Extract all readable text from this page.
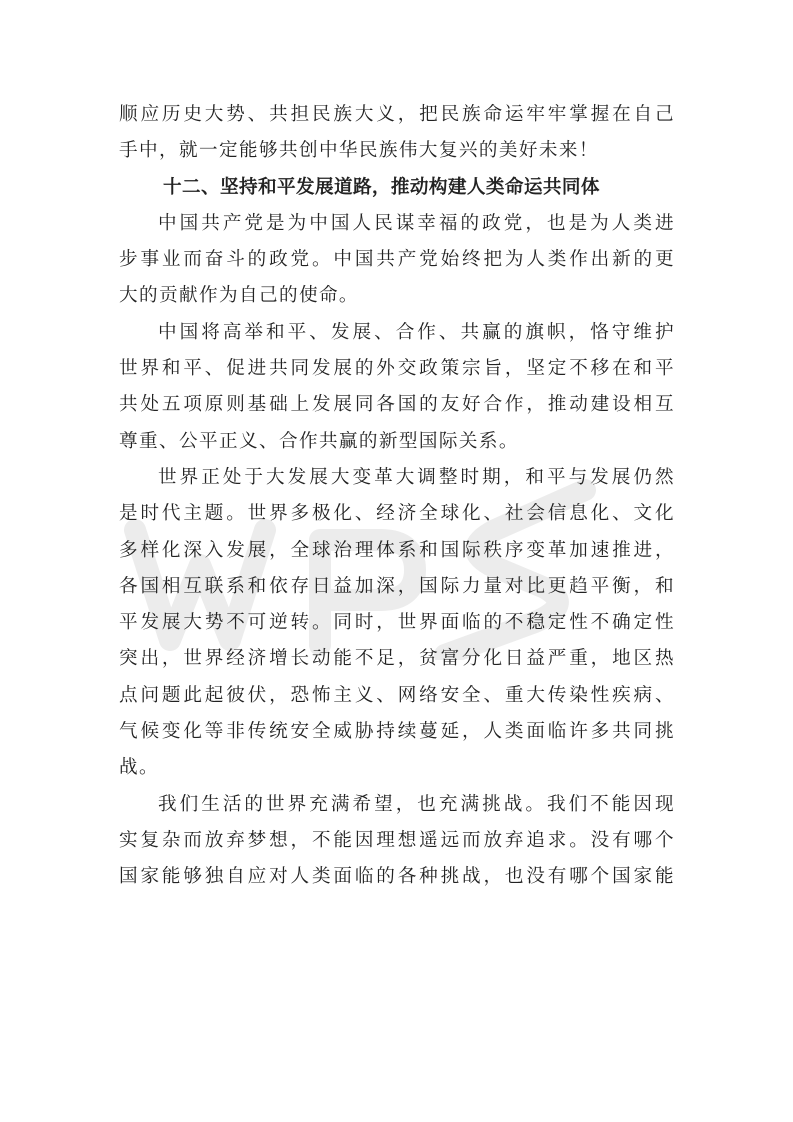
WPS
顺应历史大势、共担民族大义，把民族命运牢牢掌握在自己
手中，就一定能够共创中华民族伟大复兴的美好未来！
十二、坚持和平发展道路，推动构建人类命运共同体
中国共产党是为中国人民谋幸福的政党，也是为人类进
步事业而奋斗的政党。中国共产党始终把为人类作出新的更
大的贡献作为自己的使命。
中国将高举和平、发展、合作、共赢的旗帜，恪守维护
世界和平、促进共同发展的外交政策宗旨，坚定不移在和平
共处五项原则基础上发展同各国的友好合作，推动建设相互
尊重、公平正义、合作共赢的新型国际关系。
世界正处于大发展大变革大调整时期，和平与发展仍然
是时代主题。世界多极化、经济全球化、社会信息化、文化
多样化深入发展，全球治理体系和国际秩序变革加速推进，
各国相互联系和依存日益加深，国际力量对比更趋平衡，和
平发展大势不可逆转。同时，世界面临的不稳定性不确定性
突出，世界经济增长动能不足，贫富分化日益严重，地区热
点问题此起彼伏，恐怖主义、网络安全、重大传染性疾病、
气候变化等非传统安全威胁持续蔓延，人类面临许多共同挑
战。
我们生活的世界充满希望，也充满挑战。我们不能因现
实复杂而放弃梦想，不能因理想遥远而放弃追求。没有哪个
国家能够独自应对人类面临的各种挑战，也没有哪个国家能
